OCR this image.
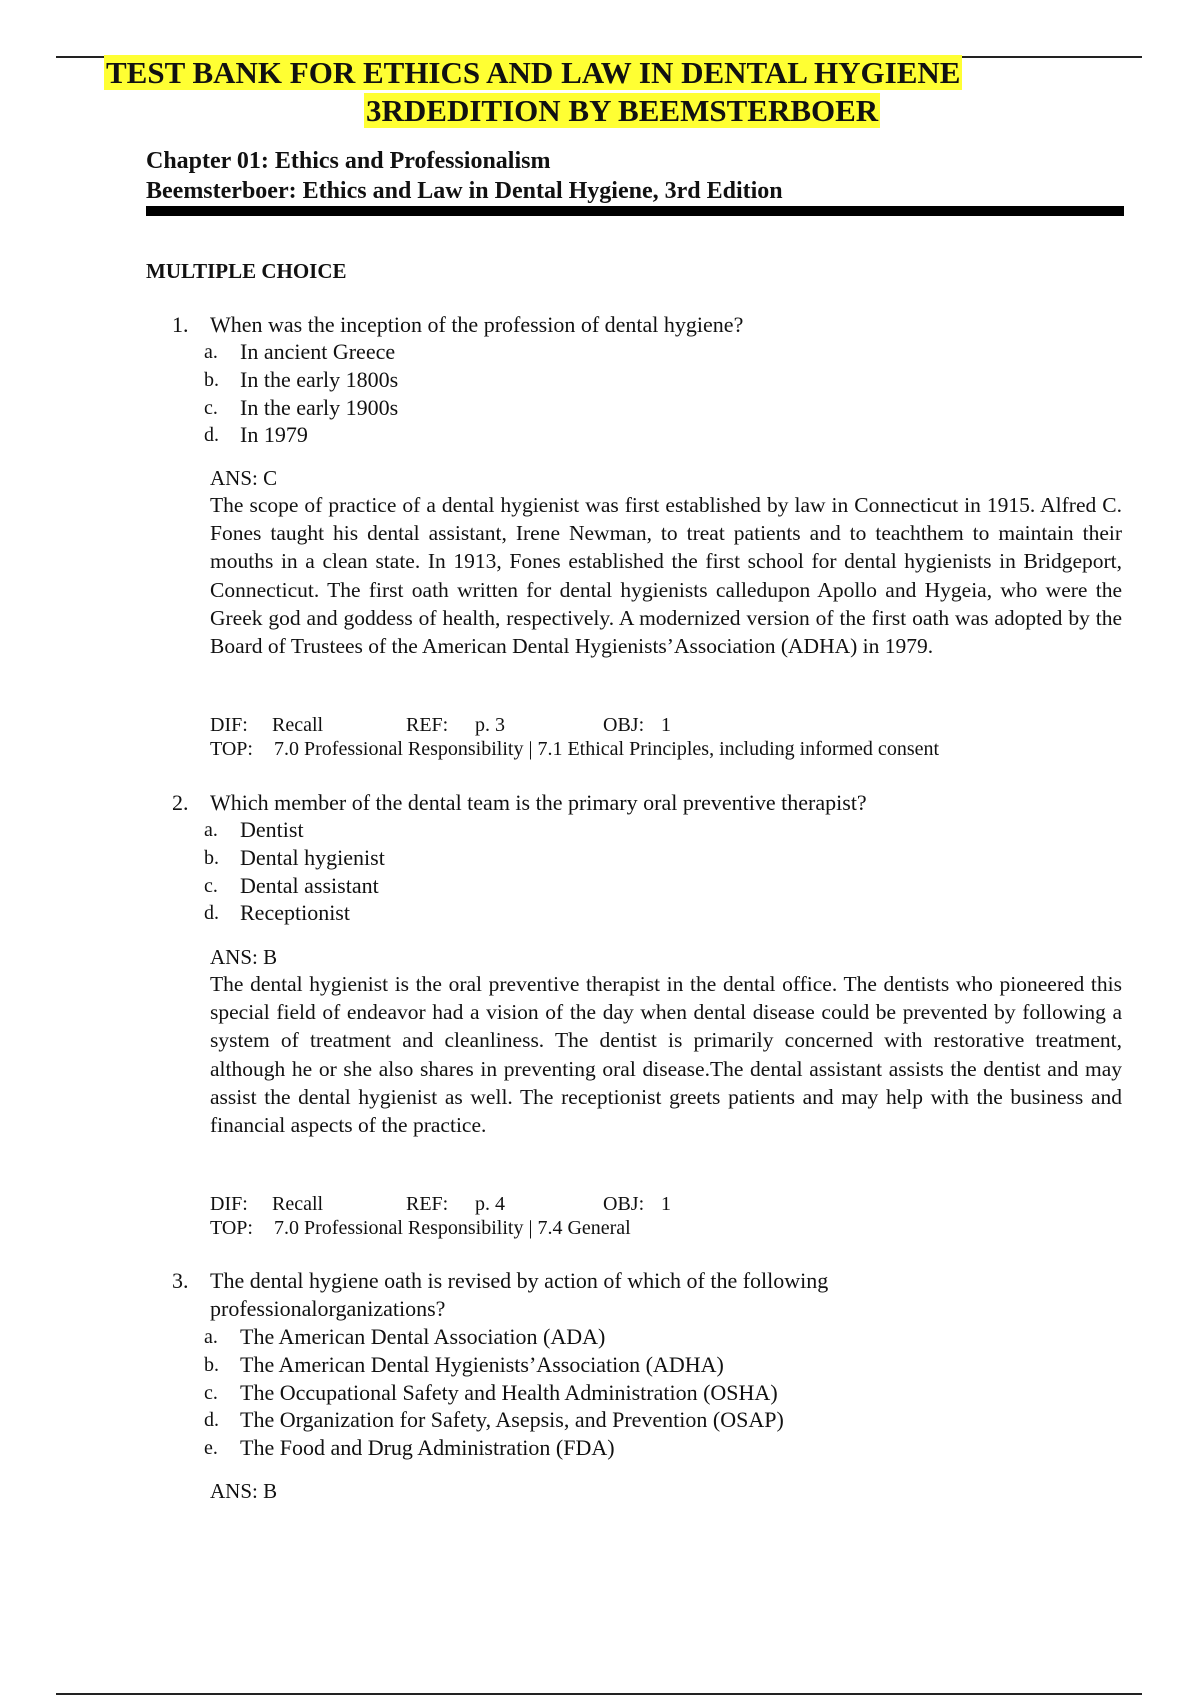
TEST BANK FOR ETHICS AND LAW IN DENTAL HYGIENE
3RDEDITION BY BEEMSTERBOER
Chapter 01: Ethics and Professionalism
Beemsterboer: Ethics and Law in Dental Hygiene, 3rd Edition
MULTIPLE CHOICE
1. When was the inception of the profession of dental hygiene?
a. In ancient Greece
b. In the early 1800s
c. In the early 1900s
d. In 1979
ANS: C
The scope of practice of a dental hygienist was first established by law in Connecticut in 1915. Alfred C. Fones taught his dental assistant, Irene Newman, to treat patients and to teachthem to maintain their mouths in a clean state. In 1913, Fones established the first school for dental hygienists in Bridgeport, Connecticut. The first oath written for dental hygienists calledupon Apollo and Hygeia, who were the Greek god and goddess of health, respectively. A modernized version of the first oath was adopted by the Board of Trustees of the American Dental Hygienists’Association (ADHA) in 1979.
DIF: Recall	REF: p. 3	OBJ: 1
TOP: 7.0 Professional Responsibility | 7.1 Ethical Principles, including informed consent
2. Which member of the dental team is the primary oral preventive therapist?
a. Dentist
b. Dental hygienist
c. Dental assistant
d. Receptionist
ANS: B
The dental hygienist is the oral preventive therapist in the dental office. The dentists who pioneered this special field of endeavor had a vision of the day when dental disease could be prevented by following a system of treatment and cleanliness. The dentist is primarily concerned with restorative treatment, although he or she also shares in preventing oral disease.The dental assistant assists the dentist and may assist the dental hygienist as well. The receptionist greets patients and may help with the business and financial aspects of the practice.
DIF: Recall	REF: p. 4	OBJ: 1
TOP: 7.0 Professional Responsibility | 7.4 General
3. The dental hygiene oath is revised by action of which of the following professionalorganizations?
a. The American Dental Association (ADA)
b. The American Dental Hygienists’Association (ADHA)
c. The Occupational Safety and Health Administration (OSHA)
d. The Organization for Safety, Asepsis, and Prevention (OSAP)
e. The Food and Drug Administration (FDA)
ANS: B
